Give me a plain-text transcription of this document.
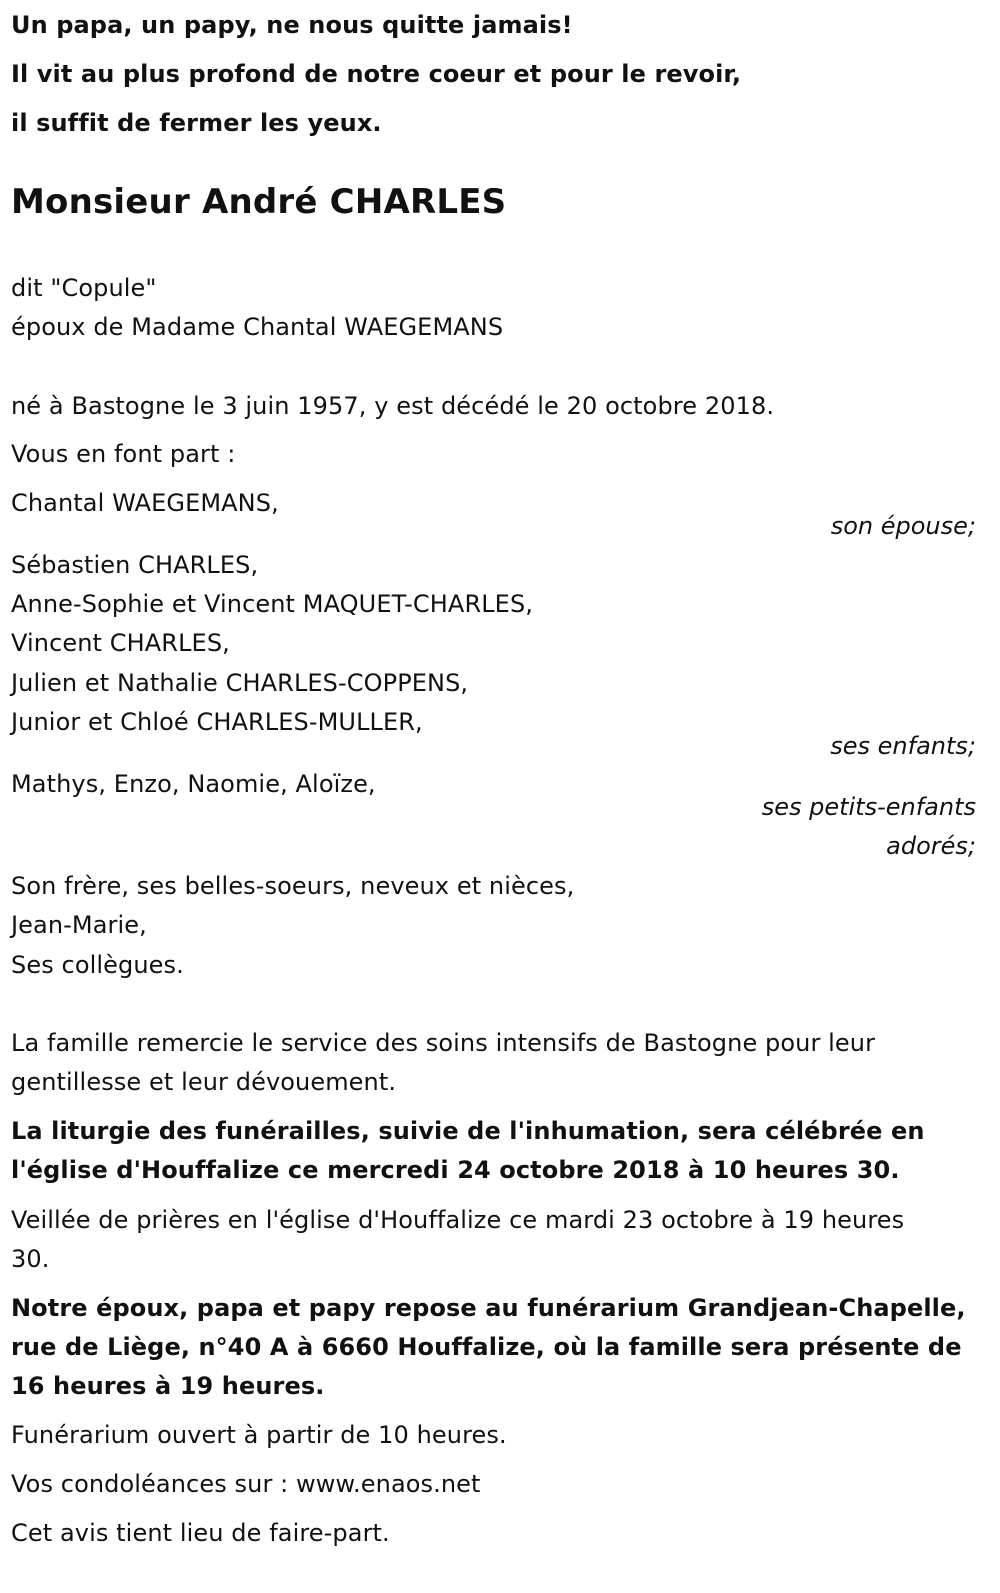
Un papa, un papy, ne nous quitte jamais!
Il vit au plus profond de notre coeur et pour le revoir,
il suffit de fermer les yeux.
Monsieur André CHARLES
dit "Copule"
époux de Madame Chantal WAEGEMANS
né à Bastogne le 3 juin 1957, y est décédé le 20 octobre 2018.
Vous en font part :
Chantal WAEGEMANS,
son épouse;
Sébastien CHARLES,
Anne-Sophie et Vincent MAQUET-CHARLES,
Vincent CHARLES,
Julien et Nathalie CHARLES-COPPENS,
Junior et Chloé CHARLES-MULLER,
ses enfants;
Mathys, Enzo, Naomie, Aloïze,
ses petits-enfants
adorés;
Son frère, ses belles-soeurs, neveux et nièces,
Jean-Marie,
Ses collègues.
La famille remercie le service des soins intensifs de Bastogne pour leur
gentillesse et leur dévouement.
La liturgie des funérailles, suivie de l'inhumation, sera célébrée en
l'église d'Houffalize ce mercredi 24 octobre 2018 à 10 heures 30.
Veillée de prières en l'église d'Houffalize ce mardi 23 octobre à 19 heures
30.
Notre époux, papa et papy repose au funérarium Grandjean-Chapelle,
rue de Liège, n°40 A à 6660 Houffalize, où la famille sera présente de
16 heures à 19 heures.
Funérarium ouvert à partir de 10 heures.
Vos condoléances sur : www.enaos.net
Cet avis tient lieu de faire-part.
